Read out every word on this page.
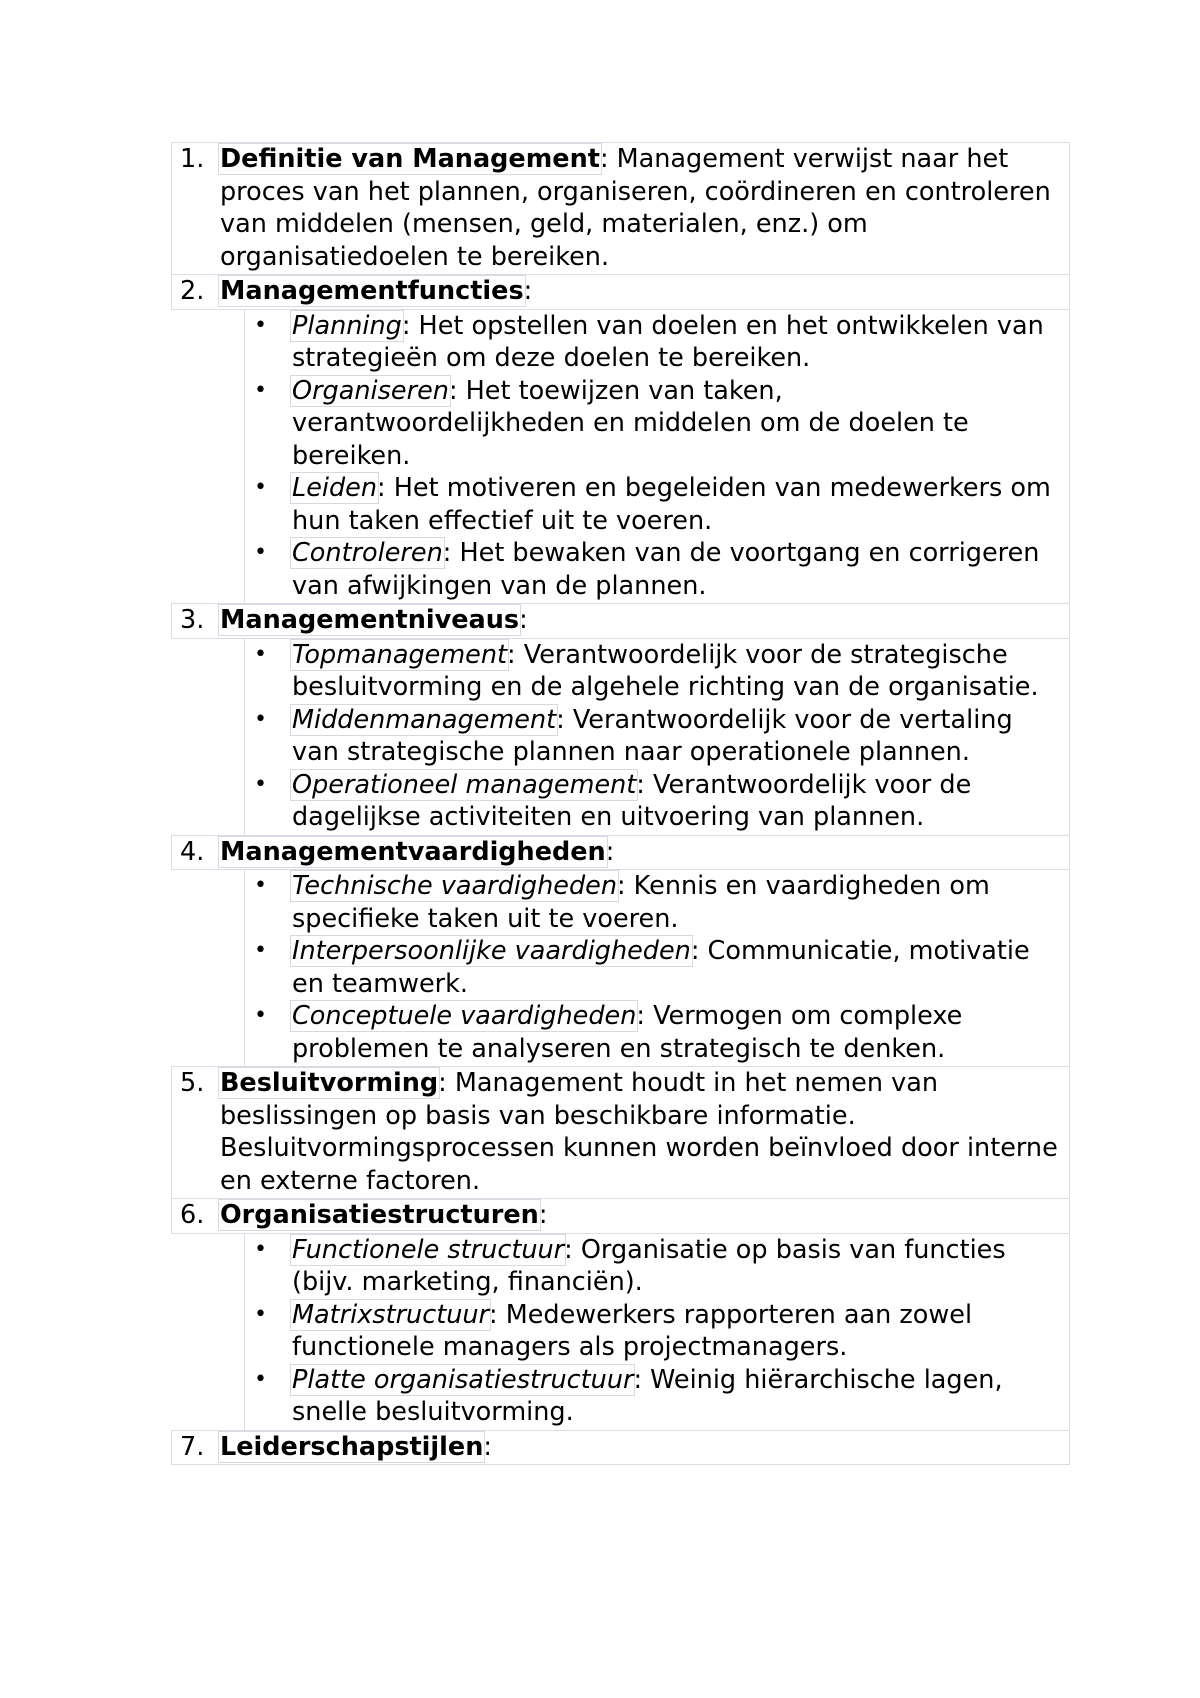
1. Definitie van Management: Management verwijst naar het proces van het plannen, organiseren, coördineren en controleren van middelen (mensen, geld, materialen, enz.) om organisatiedoelen te bereiken.
2. Managementfuncties:
• Planning: Het opstellen van doelen en het ontwikkelen van strategieën om deze doelen te bereiken.
• Organiseren: Het toewijzen van taken, verantwoordelijkheden en middelen om de doelen te bereiken.
• Leiden: Het motiveren en begeleiden van medewerkers om hun taken effectief uit te voeren.
• Controleren: Het bewaken van de voortgang en corrigeren van afwijkingen van de plannen.
3. Managementniveaus:
• Topmanagement: Verantwoordelijk voor de strategische besluitvorming en de algehele richting van de organisatie.
• Middenmanagement: Verantwoordelijk voor de vertaling van strategische plannen naar operationele plannen.
• Operationeel management: Verantwoordelijk voor de dagelijkse activiteiten en uitvoering van plannen.
4. Managementvaardigheden:
• Technische vaardigheden: Kennis en vaardigheden om specifieke taken uit te voeren.
• Interpersoonlijke vaardigheden: Communicatie, motivatie en teamwerk.
• Conceptuele vaardigheden: Vermogen om complexe problemen te analyseren en strategisch te denken.
5. Besluitvorming: Management houdt in het nemen van beslissingen op basis van beschikbare informatie. Besluitvormingsprocessen kunnen worden beïnvloed door interne en externe factoren.
6. Organisatiestructuren:
• Functionele structuur: Organisatie op basis van functies (bijv. marketing, financiën).
• Matrixstructuur: Medewerkers rapporteren aan zowel functionele managers als projectmanagers.
• Platte organisatiestructuur: Weinig hiërarchische lagen, snelle besluitvorming.
7. Leiderschapstijlen:
